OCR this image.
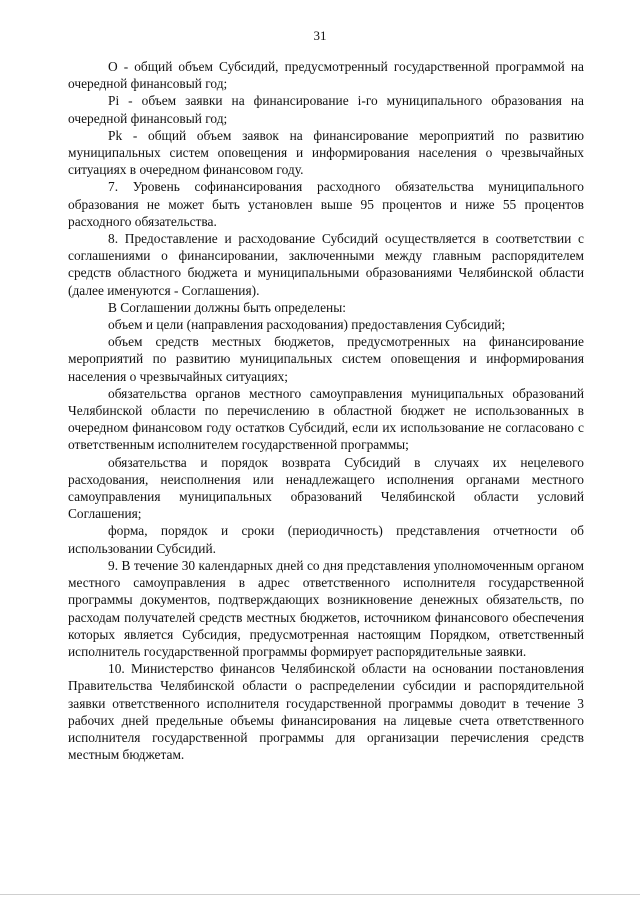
31

О - общий объем Субсидий, предусмотренный государственной программой на очередной финансовый год;

Pi - объем заявки на финансирование i-го муниципального образования на очередной финансовый год;

Pk - общий объем заявок на финансирование мероприятий по развитию муниципальных систем оповещения и информирования населения о чрезвычайных ситуациях в очередном финансовом году.

7. Уровень софинансирования расходного обязательства муниципального образования не может быть установлен выше 95 процентов и ниже 55 процентов расходного обязательства.

8. Предоставление и расходование Субсидий осуществляется в соответствии с соглашениями о финансировании, заключенными между главным распорядителем средств областного бюджета и муниципальными образованиями Челябинской области (далее именуются - Соглашения).

В Соглашении должны быть определены:

объем и цели (направления расходования) предоставления Субсидий;

объем средств местных бюджетов, предусмотренных на финансирование мероприятий по развитию муниципальных систем оповещения и информирования населения о чрезвычайных ситуациях;

обязательства органов местного самоуправления муниципальных образований Челябинской области по перечислению в областной бюджет не использованных в очередном финансовом году остатков Субсидий, если их использование не согласовано с ответственным исполнителем государственной программы;

обязательства и порядок возврата Субсидий в случаях их нецелевого расходования, неисполнения или ненадлежащего исполнения органами местного самоуправления муниципальных образований Челябинской области условий Соглашения;

форма, порядок и сроки (периодичность) представления отчетности об использовании Субсидий.

9. В течение 30 календарных дней со дня представления уполномоченным органом местного самоуправления в адрес ответственного исполнителя государственной программы документов, подтверждающих возникновение денежных обязательств, по расходам получателей средств местных бюджетов, источником финансового обеспечения которых является Субсидия, предусмотренная настоящим Порядком, ответственный исполнитель государственной программы формирует распорядительные заявки.

10. Министерство финансов Челябинской области на основании постановления Правительства Челябинской области о распределении субсидии и распорядительной заявки ответственного исполнителя государственной программы доводит в течение 3 рабочих дней предельные объемы финансирования на лицевые счета ответственного исполнителя государственной программы для организации перечисления средств местным бюджетам.
